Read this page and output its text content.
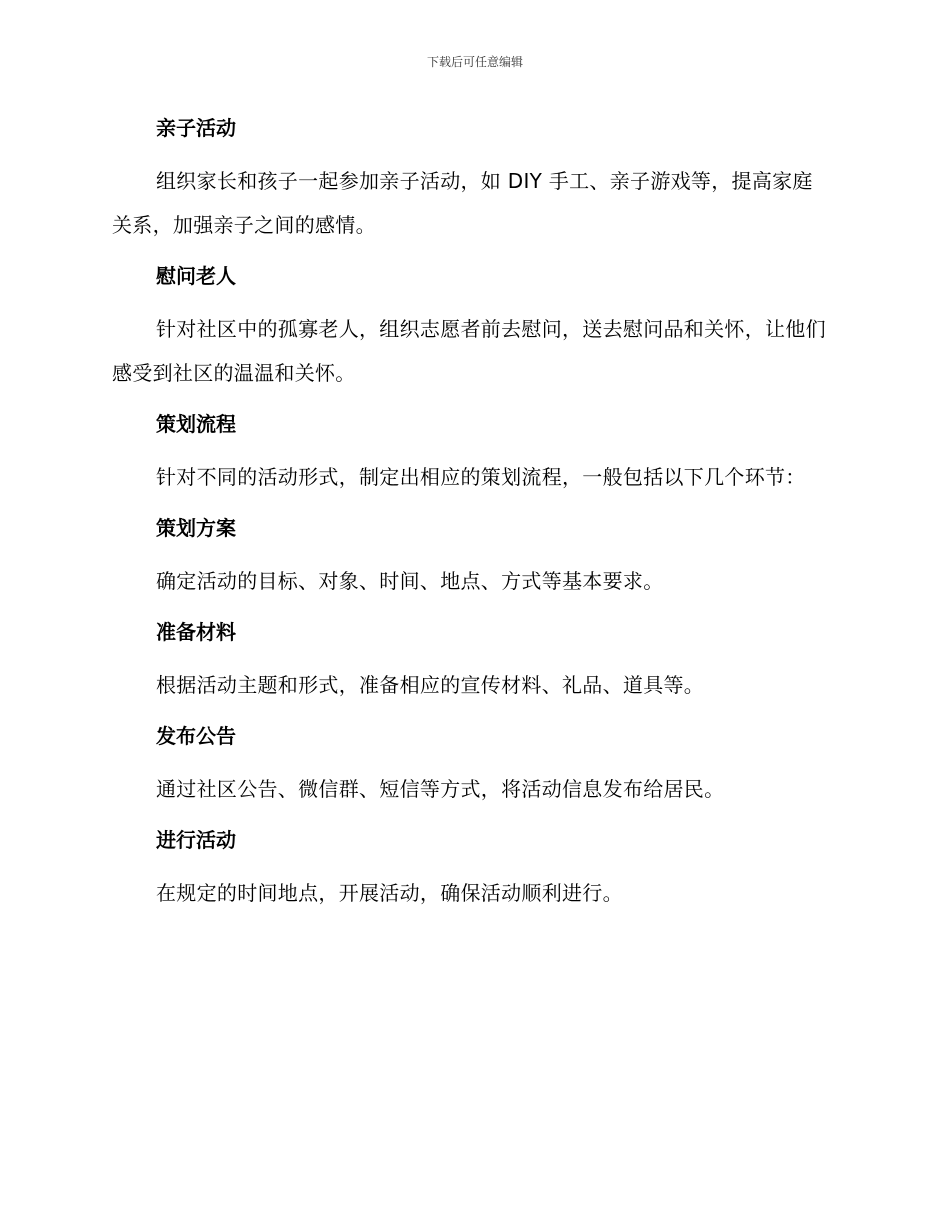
下载后可任意编辑
亲子活动

组织家长和孩子一起参加亲子活动，如 DIY 手工、亲子游戏等，提高家庭关系，加强亲子之间的感情。

慰问老人

针对社区中的孤寡老人，组织志愿者前去慰问，送去慰问品和关怀，让他们感受到社区的温温和关怀。

策划流程

针对不同的活动形式，制定出相应的策划流程，一般包括以下几个环节：

策划方案

确定活动的目标、对象、时间、地点、方式等基本要求。

准备材料

根据活动主题和形式，准备相应的宣传材料、礼品、道具等。

发布公告

通过社区公告、微信群、短信等方式，将活动信息发布给居民。

进行活动

在规定的时间地点，开展活动，确保活动顺利进行。
